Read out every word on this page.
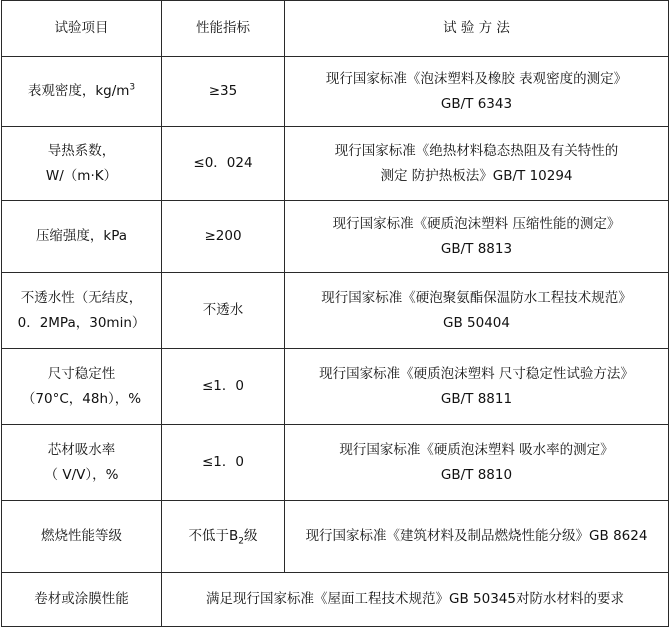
试验项目	性能指标	试 验 方 法

表观密度，$kg/m^3$	≥35	现行国家标准《泡沫塑料及橡胶 表观密度的测定》
GB/T 6343

导热系数，
W/（m·K）	≤0．024	现行国家标准《绝热材料稳态热阻及有关特性的
测定 防护热板法》GB/T 10294

压缩强度，kPa	≥200	现行国家标准《硬质泡沫塑料 压缩性能的测定》
GB/T 8813

不透水性（无结皮，
0．2MPa，30min）	不透水	现行国家标准《硬泡聚氨酯保温防水工程技术规范》
GB 50404

尺寸稳定性
（70°C，48h），%	≤1．0	现行国家标准《硬质泡沫塑料 尺寸稳定性试验方法》
GB/T 8811

芯材吸水率
（ V/V），%	≤1．0	现行国家标准《硬质泡沫塑料 吸水率的测定》
GB/T 8810

燃烧性能等级	不低于$B_2$级	现行国家标准《建筑材料及制品燃烧性能分级》GB 8624

卷材或涂膜性能	满足现行国家标准《屋面工程技术规范》GB 50345对防水材料的要求	
